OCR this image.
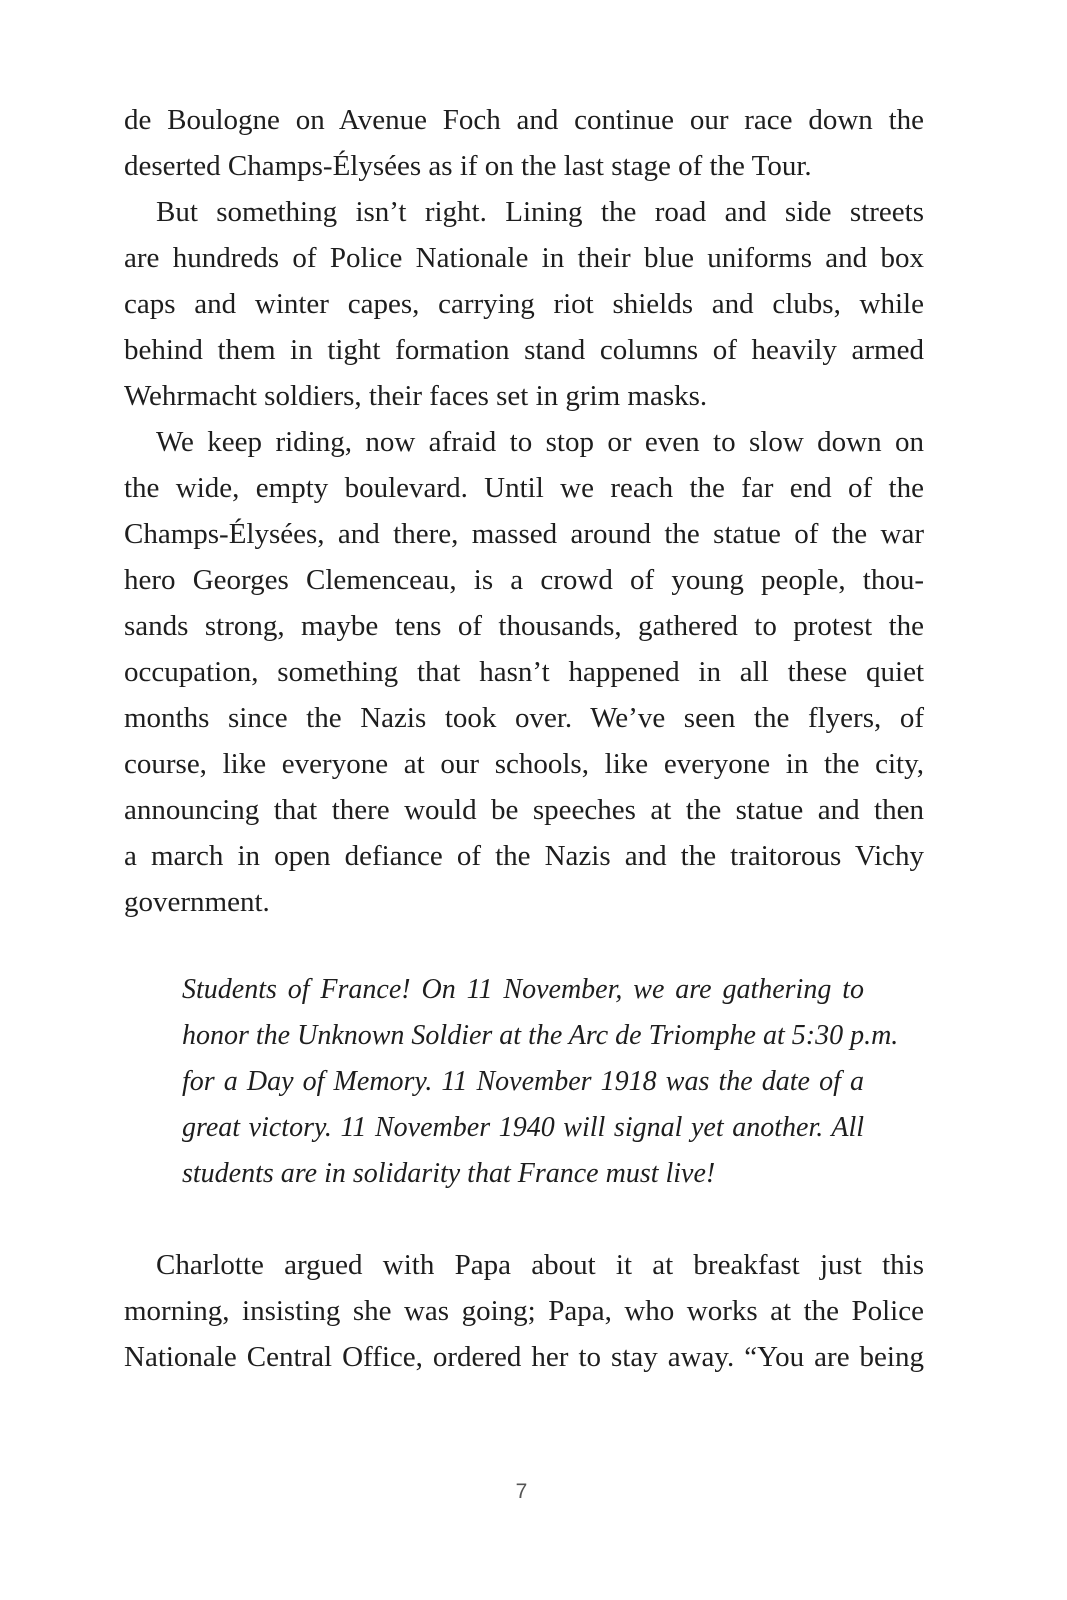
de Boulogne on Avenue Foch and continue our race down the
deserted Champs-Élysées as if on the last stage of the Tour.
But something isn’t right. Lining the road and side streets
are hundreds of Police Nationale in their blue uniforms and box
caps and winter capes, carrying riot shields and clubs, while
behind them in tight formation stand columns of heavily armed
Wehrmacht soldiers, their faces set in grim masks.
We keep riding, now afraid to stop or even to slow down on
the wide, empty boulevard. Until we reach the far end of the
Champs-Élysées, and there, massed around the statue of the war
hero Georges Clemenceau, is a crowd of young people, thou-
sands strong, maybe tens of thousands, gathered to protest the
occupation, something that hasn’t happened in all these quiet
months since the Nazis took over. We’ve seen the flyers, of
course, like everyone at our schools, like everyone in the city,
announcing that there would be speeches at the statue and then
a march in open defiance of the Nazis and the traitorous Vichy
government.
Students of France! On 11 November, we are gathering to
honor the Unknown Soldier at the Arc de Triomphe at 5:30 p.m.
for a Day of Memory. 11 November 1918 was the date of a
great victory. 11 November 1940 will signal yet another. All
students are in solidarity that France must live!
Charlotte argued with Papa about it at breakfast just this
morning, insisting she was going; Papa, who works at the Police
Nationale Central Office, ordered her to stay away. “You are being
7
